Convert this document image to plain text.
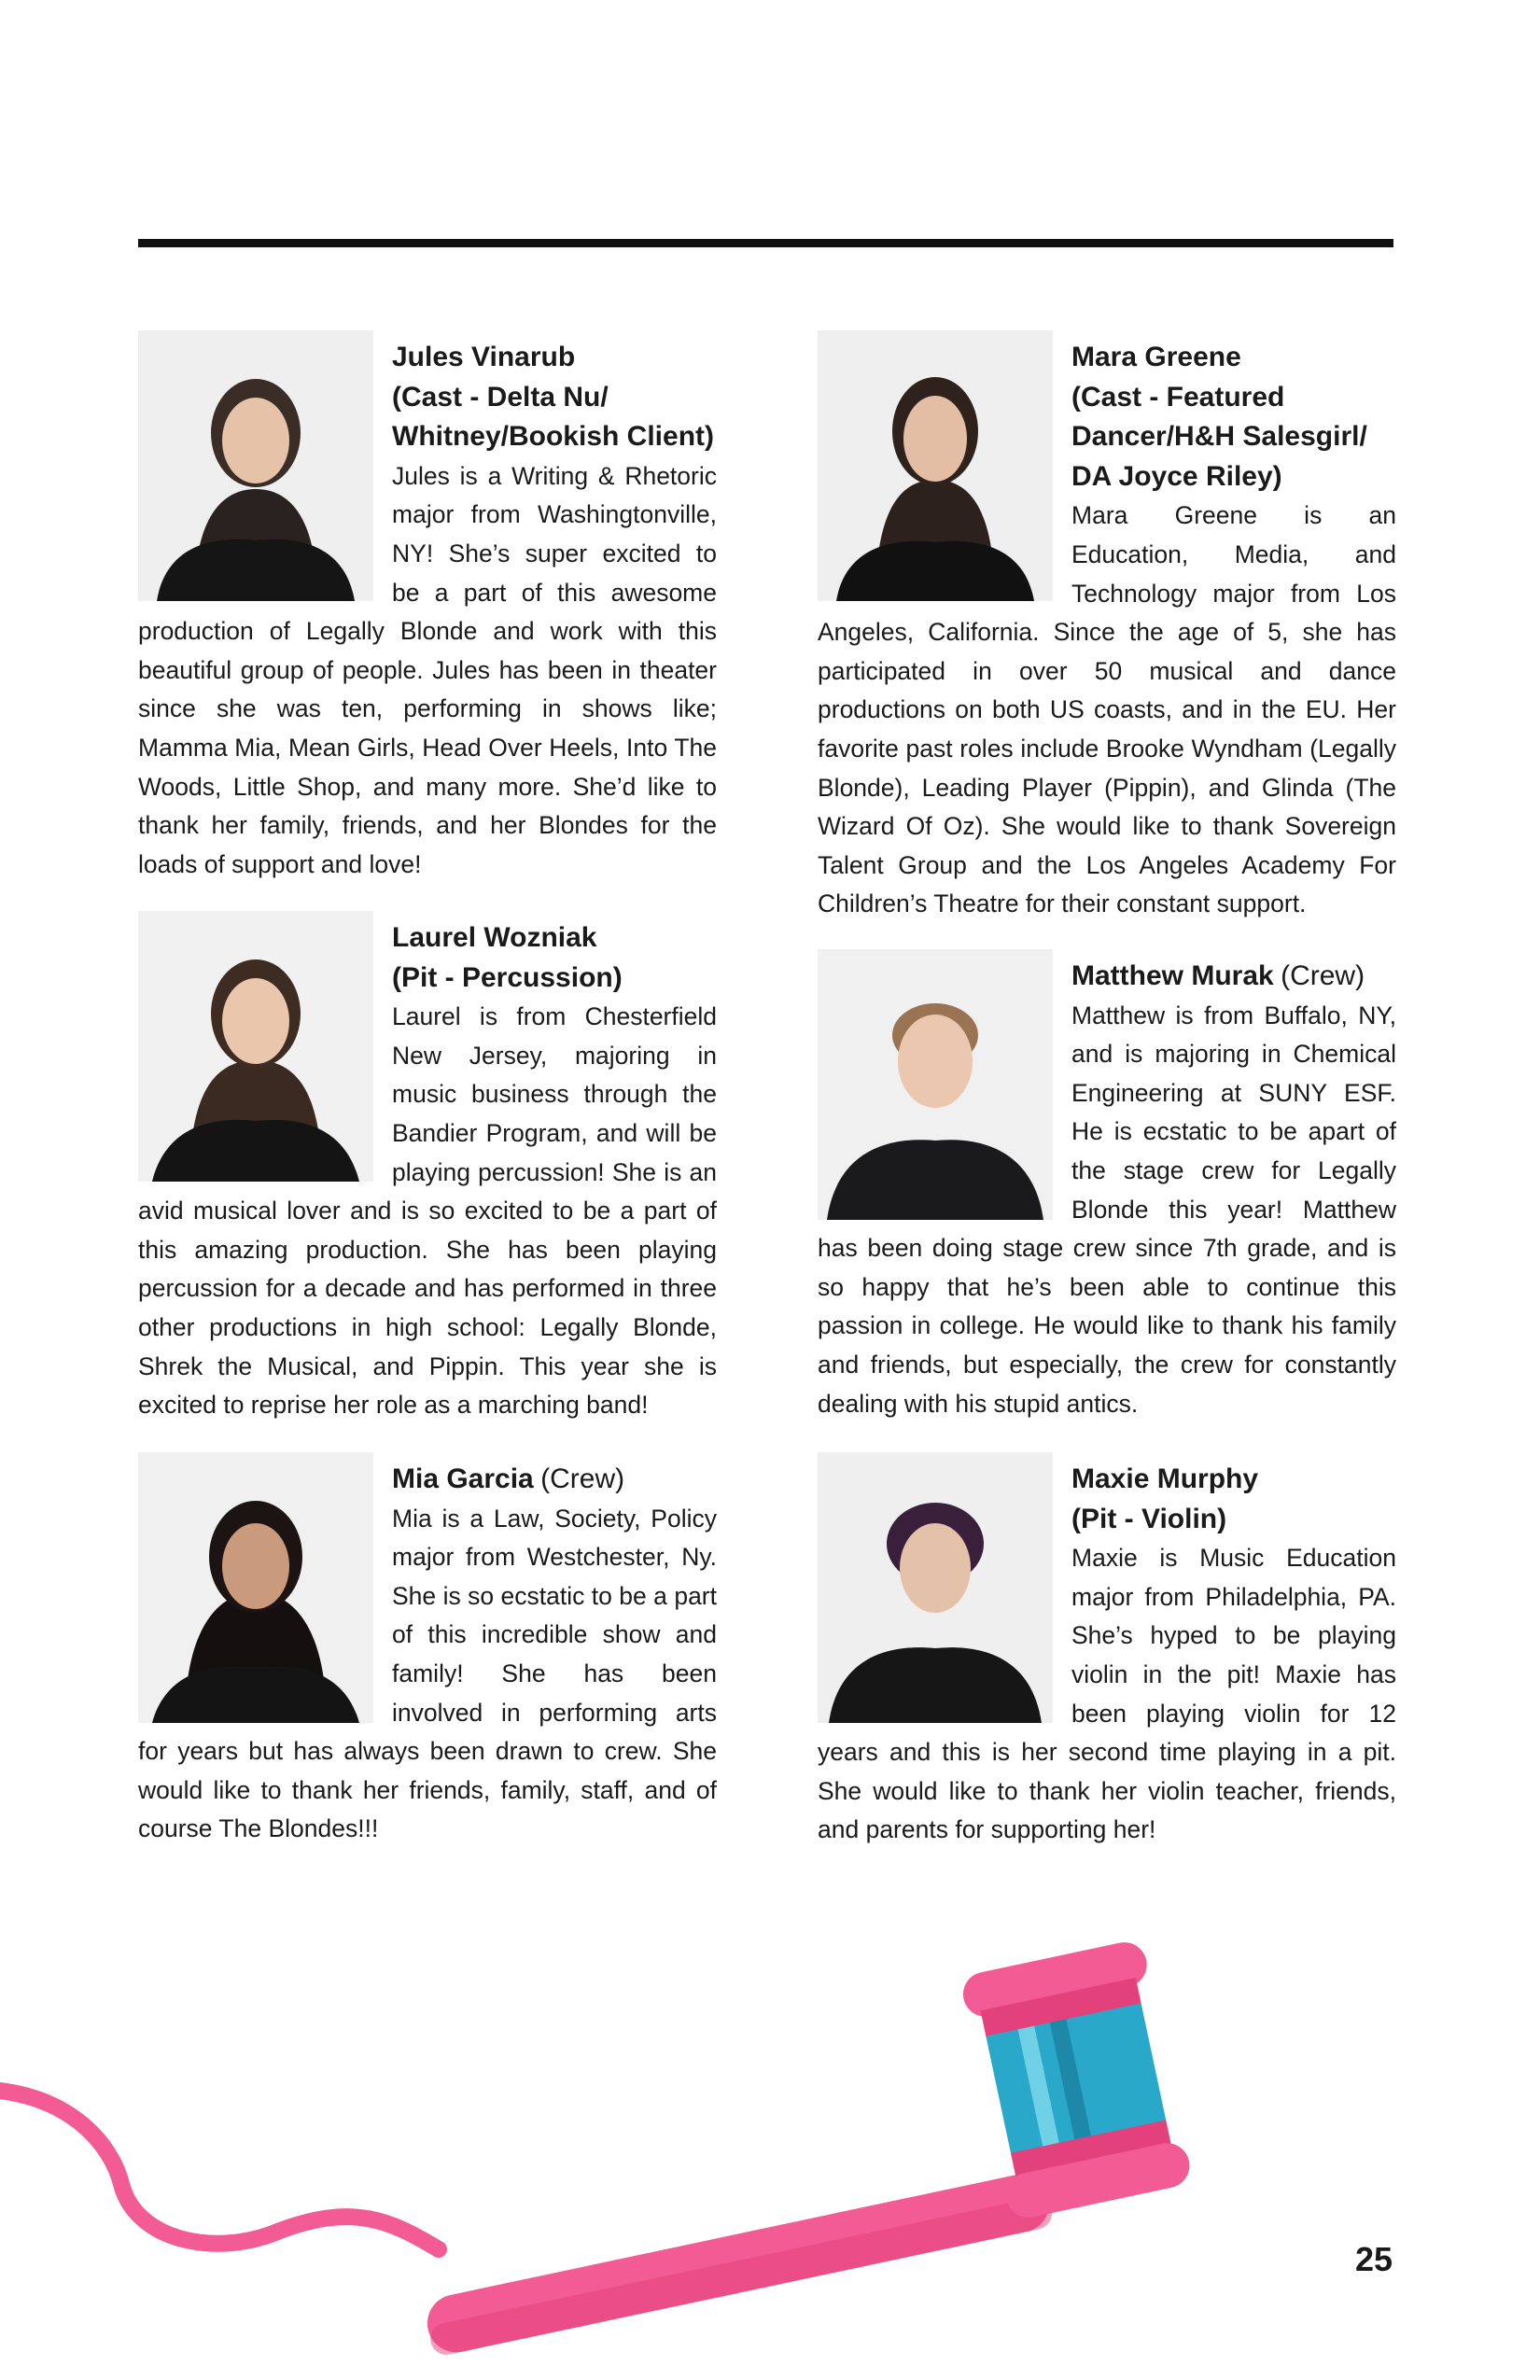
Jules Vinarub
(Cast - Delta Nu/ Whitney/Bookish Client)
Jules is a Writing & Rhetoric major from Washingtonville, NY! She’s super excited to be a part of this awesome production of Legally Blonde and work with this beautiful group of people. Jules has been in theater since she was ten, performing in shows like; Mamma Mia, Mean Girls, Head Over Heels, Into The Woods, Little Shop, and many more. She’d like to thank her family, friends, and her Blondes for the loads of support and love!
Laurel Wozniak
(Pit - Percussion)
Laurel is from Chesterfield New Jersey, majoring in music business through the Bandier Program, and will be playing percussion! She is an avid musical lover and is so excited to be a part of this amazing production. She has been playing percussion for a decade and has performed in three other productions in high school: Legally Blonde, Shrek the Musical, and Pippin. This year she is excited to reprise her role as a marching band!
Mia Garcia (Crew)
Mia is a Law, Society, Policy major from Westchester, Ny. She is so ecstatic to be a part of this incredible show and family! She has been involved in performing arts for years but has always been drawn to crew. She would like to thank her friends, family, staff, and of course The Blondes!!!
Mara Greene
(Cast - Featured Dancer/H&H Salesgirl/ DA Joyce Riley)
Mara Greene is an Education, Media, and Technology major from Los Angeles, California. Since the age of 5, she has participated in over 50 musical and dance productions on both US coasts, and in the EU. Her favorite past roles include Brooke Wyndham (Legally Blonde), Leading Player (Pippin), and Glinda (The Wizard Of Oz). She would like to thank Sovereign Talent Group and the Los Angeles Academy For Children’s Theatre for their constant support.
Matthew Murak (Crew)
Matthew is from Buffalo, NY, and is majoring in Chemical Engineering at SUNY ESF. He is ecstatic to be apart of the stage crew for Legally Blonde this year! Matthew has been doing stage crew since 7th grade, and is so happy that he’s been able to continue this passion in college. He would like to thank his family and friends, but especially, the crew for constantly dealing with his stupid antics.
Maxie Murphy
(Pit - Violin)
Maxie is Music Education major from Philadelphia, PA. She’s hyped to be playing violin in the pit! Maxie has been playing violin for 12 years and this is her second time playing in a pit. She would like to thank her violin teacher, friends, and parents for supporting her!
25
